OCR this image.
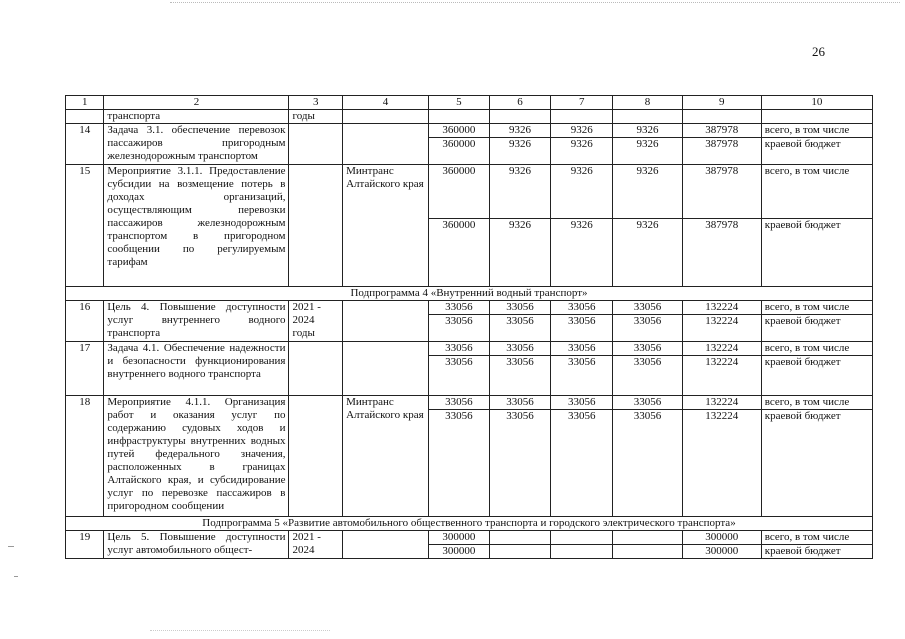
26
1	2	3	4	5	6	7	8	9	10
	транспорта	годы							
14	Задача 3.1. обеспечение перевозок пассажиров пригородным железнодорожным транспортом			360000	9326	9326	9326	387978	всего, в том числе
				360000	9326	9326	9326	387978	краевой бюджет
15	Мероприятие 3.1.1. Предоставление субсидии на возмещение потерь в доходах организаций, осуществляющим перевозки пассажиров железнодорожным транспортом в пригородном сообщении по регулируемым тарифам		Минтранс Алтайского края	360000	9326	9326	9326	387978	всего, в том числе
				360000	9326	9326	9326	387978	краевой бюджет
Подпрограмма 4 «Внутренний водный транспорт»									
16	Цель 4. Повышение доступности услуг внутреннего водного транспорта	2021 - 2024 годы		33056	33056	33056	33056	132224	всего, в том числе
				33056	33056	33056	33056	132224	краевой бюджет
17	Задача 4.1. Обеспечение надежности и безопасности функционирования внутреннего водного транспорта			33056	33056	33056	33056	132224	всего, в том числе
				33056	33056	33056	33056	132224	краевой бюджет
18	Мероприятие 4.1.1. Организация работ и оказания услуг по содержанию судовых ходов и инфраструктуры внутренних водных путей федерального значения, расположенных в границах Алтайского края, и субсидирование услуг по перевозке пассажиров в пригородном сообщении		Минтранс Алтайского края	33056	33056	33056	33056	132224	всего, в том числе
				33056	33056	33056	33056	132224	краевой бюджет
Подпрограмма 5 «Развитие автомобильного общественного транспорта и городского электрического транспорта»									
19	Цель 5. Повышение доступности услуг автомобильного общест-	2021 - 2024		300000				300000	всего, в том числе
				300000				300000	краевой бюджет
